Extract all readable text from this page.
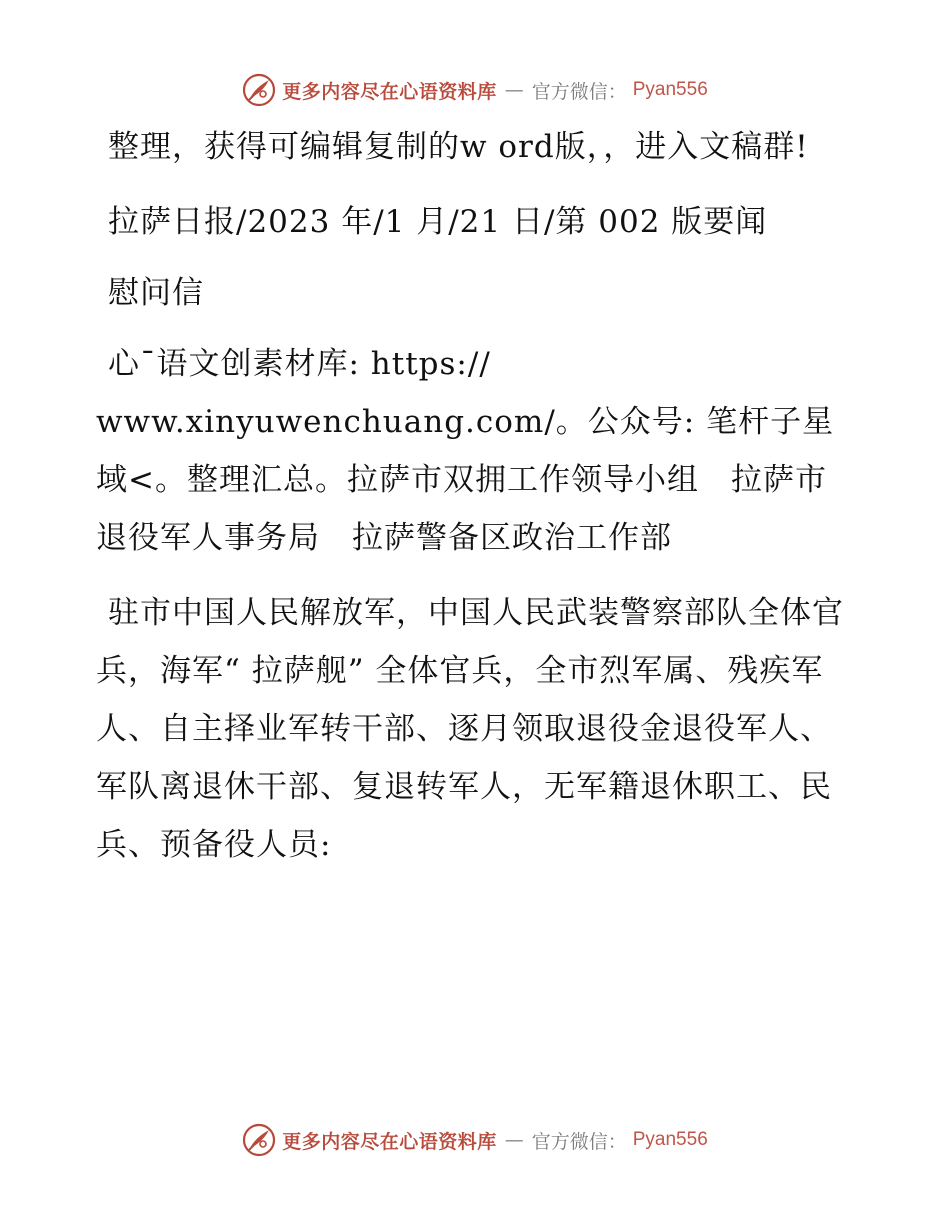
更多内容尽在心语资料库 — 官方微信： Pyan556

整理，获得可编辑复制的w ord版，，进入文稿群!

拉萨日报/2023 年/1 月/21 日/第 002 版要闻

慰问信

心¯语文创素材库: https:// www.xinyuwenchuang.com/。公众号: 笔杆子星域<。整理汇总。拉萨市双拥工作领导小组　拉萨市退役军人事务局　拉萨警备区政治工作部

驻市中国人民解放军，中国人民武装警察部队全体官兵，海军“ 拉萨舰” 全体官兵，全市烈军属、残疾军人、自主择业军转干部、逐月领取退役金退役军人、军队离退休干部、复退转军人，无军籍退休职工、民兵、预备役人员:

更多内容尽在心语资料库 — 官方微信： Pyan556
